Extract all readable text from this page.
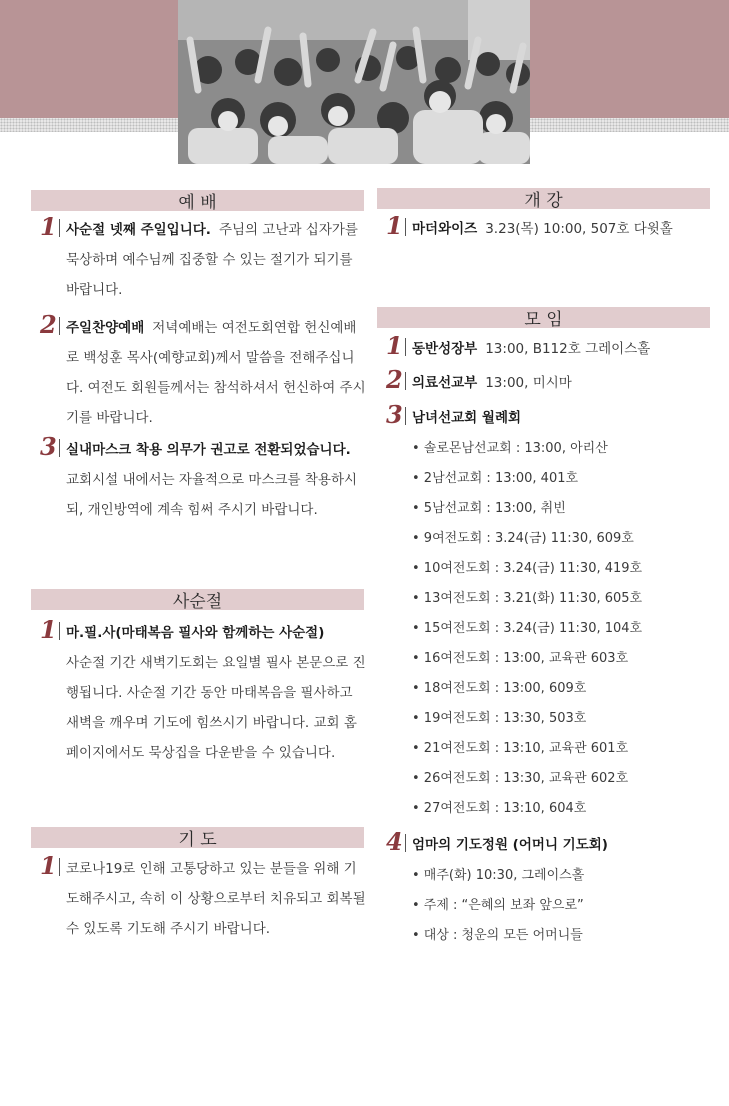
예 배
1 사순절 넷째 주일입니다. 주님의 고난과 십자가를 묵상하며 예수님께 집중할 수 있는 절기가 되기를 바랍니다.
2 주일찬양예배 저녁예배는 여전도회연합 헌신예배로 백성훈 목사(예향교회)께서 말씀을 전해주십니다. 여전도 회원들께서는 참석하셔서 헌신하여 주시기를 바랍니다.
3 실내마스크 착용 의무가 권고로 전환되었습니다.교회시설 내에서는 자율적으로 마스크를 착용하시되, 개인방역에 계속 힘써 주시기 바랍니다.
사순절
1 마.필.사(마태복음 필사와 함께하는 사순절)
사순절 기간 새벽기도회는 요일별 필사 본문으로 진행됩니다. 사순절 기간 동안 마태복음을 필사하고 새벽을 깨우며 기도에 힘쓰시기 바랍니다. 교회 홈페이지에서도 묵상집을 다운받을 수 있습니다.
기 도
1 코로나19로 인해 고통당하고 있는 분들을 위해 기도해주시고, 속히 이 상황으로부터 치유되고 회복될 수 있도록 기도해 주시기 바랍니다.
개 강
1 마더와이즈 3.23(목) 10:00, 507호 다윗홀
모 임
1 동반성장부 13:00, B112호 그레이스홀
2 의료선교부 13:00, 미시마
3 남녀선교회 월례회
• 솔로몬남선교회 : 13:00, 아리산
• 2남선교회 : 13:00, 401호
• 5남선교회 : 13:00, 취빈
• 9여전도회 : 3.24(금) 11:30, 609호
• 10여전도회 : 3.24(금) 11:30, 419호
• 13여전도회 : 3.21(화) 11:30, 605호
• 15여전도회 : 3.24(금) 11:30, 104호
• 16여전도회 : 13:00, 교육관 603호
• 18여전도회 : 13:00, 609호
• 19여전도회 : 13:30, 503호
• 21여전도회 : 13:10, 교육관 601호
• 26여전도회 : 13:30, 교육관 602호
• 27여전도회 : 13:10, 604호
4 엄마의 기도정원 (어머니 기도회)
• 매주(화) 10:30, 그레이스홀
• 주제 : “은혜의 보좌 앞으로”
• 대상 : 청운의 모든 어머니들
